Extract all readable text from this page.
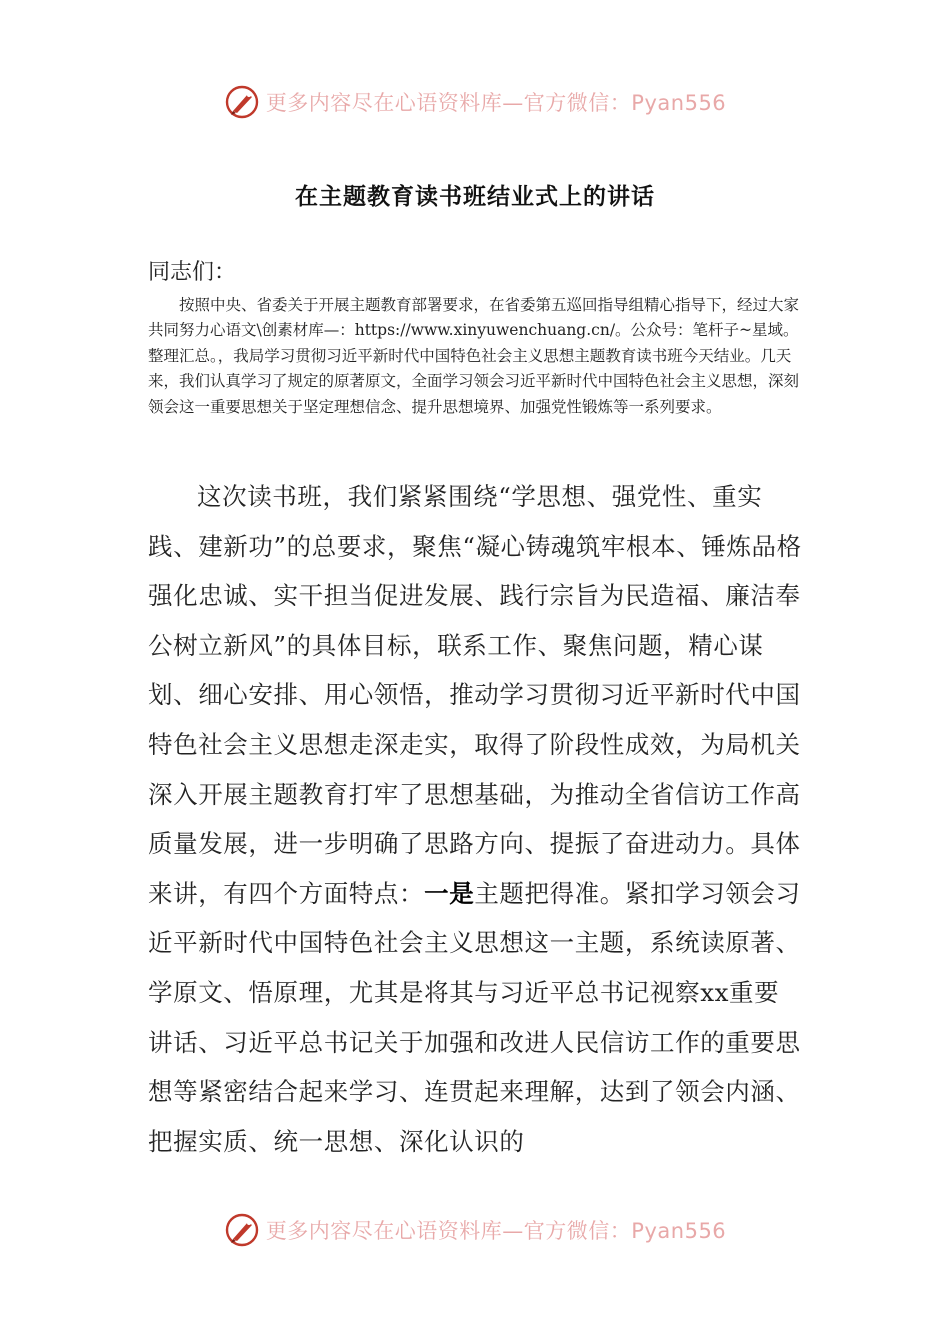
更多内容尽在心语资料库—官方微信：Pyan556
在主题教育读书班结业式上的讲话
同志们：
按照中央、省委关于开展主题教育部署要求，在省委第五巡回指导组精心指导下，经过大家共同努力心语文\创素材库—：https://www.xinyuwenchuang.cn/。公众号：笔杆子~星域。整理汇总。，我局学习贯彻习近平新时代中国特色社会主义思想主题教育读书班今天结业。几天来，我们认真学习了规定的原著原文，全面学习领会习近平新时代中国特色社会主义思想，深刻领会这一重要思想关于坚定理想信念、提升思想境界、加强党性锻炼等一系列要求。
这次读书班，我们紧紧围绕“学思想、强党性、重实践、建新功”的总要求，聚焦“凝心铸魂筑牢根本、锤炼品格强化忠诚、实干担当促进发展、践行宗旨为民造福、廉洁奉公树立新风”的具体目标，联系工作、聚焦问题，精心谋划、细心安排、用心领悟，推动学习贯彻习近平新时代中国特色社会主义思想走深走实，取得了阶段性成效，为局机关深入开展主题教育打牢了思想基础，为推动全省信访工作高质量发展，进一步明确了思路方向、提振了奋进动力。具体来讲，有四个方面特点：一是主题把得准。紧扣学习领会习近平新时代中国特色社会主义思想这一主题，系统读原著、学原文、悟原理，尤其是将其与习近平总书记视察xx重要讲话、习近平总书记关于加强和改进人民信访工作的重要思想等紧密结合起来学习、连贯起来理解，达到了领会内涵、把握实质、统一思想、深化认识的
更多内容尽在心语资料库—官方微信：Pyan556
